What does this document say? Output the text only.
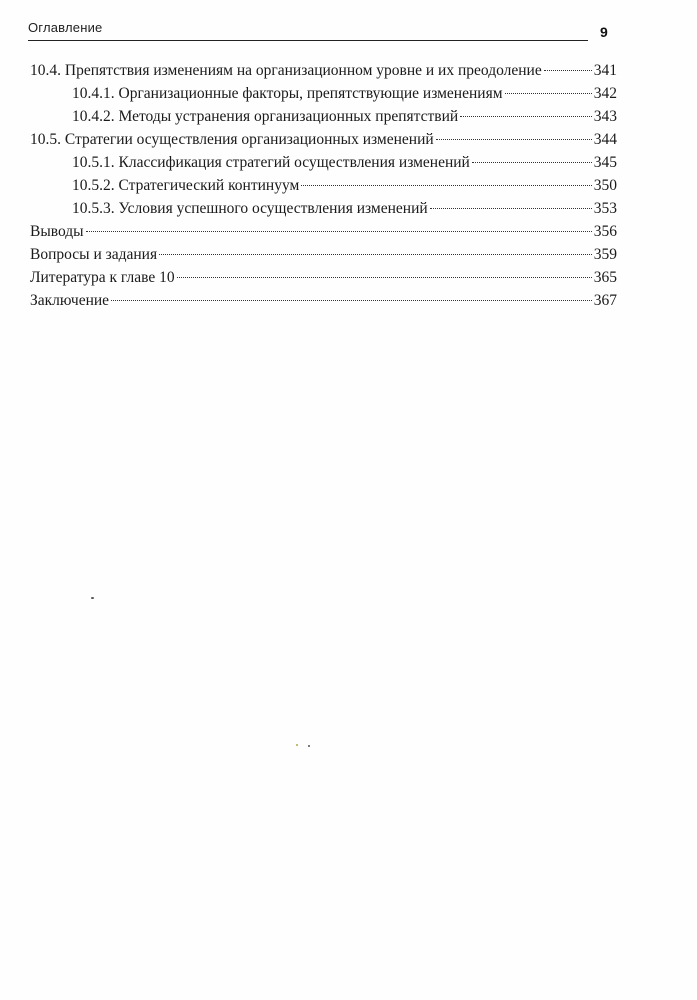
Оглавление	9
10.4. Препятствия изменениям на организационном уровне и их преодоление	341
10.4.1. Организационные факторы, препятствующие изменениям	342
10.4.2. Методы устранения организационных препятствий	343
10.5. Стратегии осуществления организационных изменений	344
10.5.1. Классификация стратегий осуществления изменений	345
10.5.2. Стратегический континуум	350
10.5.3. Условия успешного осуществления изменений	353
Выводы	356
Вопросы и задания	359
Литература к главе 10	365
Заключение	367
